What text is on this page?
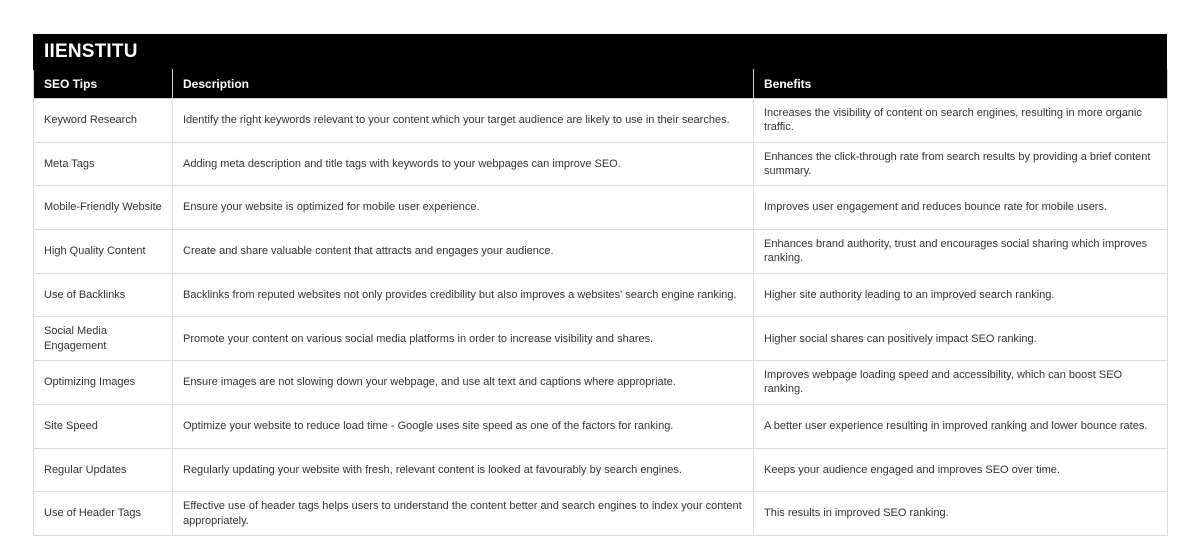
IIENSTITU
SEO Tips	Description	Benefits
Keyword Research	Identify the right keywords relevant to your content which your target audience are likely to use in their searches.	Increases the visibility of content on search engines, resulting in more organic traffic.
Meta Tags	Adding meta description and title tags with keywords to your webpages can improve SEO.	Enhances the click-through rate from search results by providing a brief content summary.
Mobile-Friendly Website	Ensure your website is optimized for mobile user experience.	Improves user engagement and reduces bounce rate for mobile users.
High Quality Content	Create and share valuable content that attracts and engages your audience.	Enhances brand authority, trust and encourages social sharing which improves ranking.
Use of Backlinks	Backlinks from reputed websites not only provides credibility but also improves a websites' search engine ranking.	Higher site authority leading to an improved search ranking.
Social Media Engagement	Promote your content on various social media platforms in order to increase visibility and shares.	Higher social shares can positively impact SEO ranking.
Optimizing Images	Ensure images are not slowing down your webpage, and use alt text and captions where appropriate.	Improves webpage loading speed and accessibility, which can boost SEO ranking.
Site Speed	Optimize your website to reduce load time - Google uses site speed as one of the factors for ranking.	A better user experience resulting in improved ranking and lower bounce rates.
Regular Updates	Regularly updating your website with fresh, relevant content is looked at favourably by search engines.	Keeps your audience engaged and improves SEO over time.
Use of Header Tags	Effective use of header tags helps users to understand the content better and search engines to index your content appropriately.	This results in improved SEO ranking.
